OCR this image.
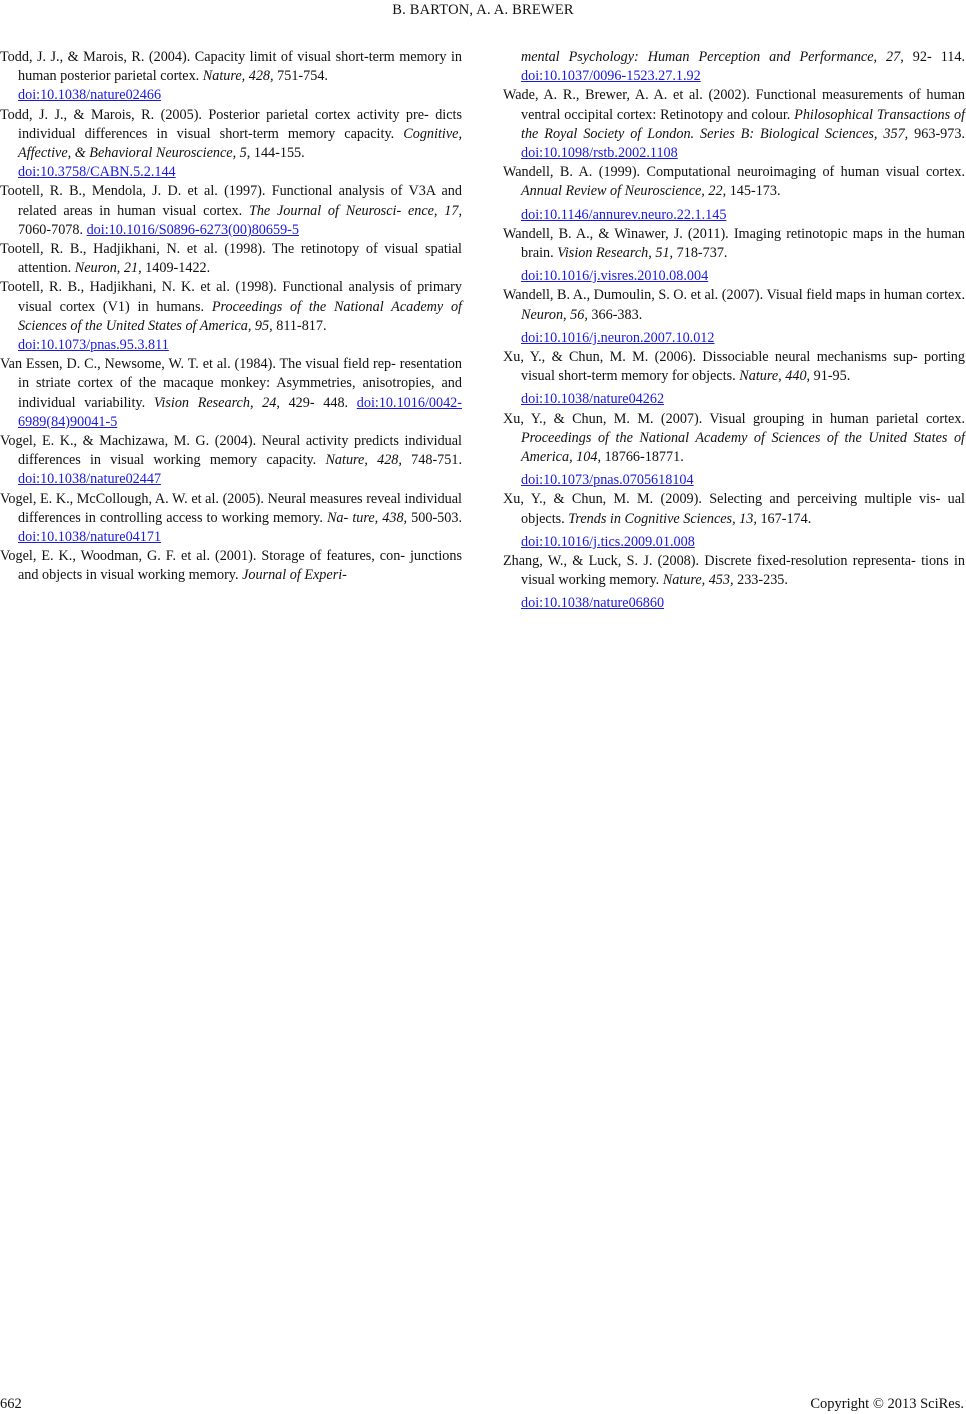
B. BARTON, A. A. BREWER

Todd, J. J., & Marois, R. (2004). Capacity limit of visual short-term memory in human posterior parietal cortex. Nature, 428, 751-754.
doi:10.1038/nature02466

Todd, J. J., & Marois, R. (2005). Posterior parietal cortex activity pre- dicts individual differences in visual short-term memory capacity. Cognitive, Affective, & Behavioral Neuroscience, 5, 144-155.
doi:10.3758/CABN.5.2.144

Tootell, R. B., Mendola, J. D. et al. (1997). Functional analysis of V3A and related areas in human visual cortex. The Journal of Neurosci- ence, 17, 7060-7078. doi:10.1016/S0896-6273(00)80659-5

Tootell, R. B., Hadjikhani, N. et al. (1998). The retinotopy of visual spatial attention. Neuron, 21, 1409-1422.

Tootell, R. B., Hadjikhani, N. K. et al. (1998). Functional analysis of primary visual cortex (V1) in humans. Proceedings of the National Academy of Sciences of the United States of America, 95, 811-817.
doi:10.1073/pnas.95.3.811

Van Essen, D. C., Newsome, W. T. et al. (1984). The visual field rep- resentation in striate cortex of the macaque monkey: Asymmetries, anisotropies, and individual variability. Vision Research, 24, 429- 448. doi:10.1016/0042-6989(84)90041-5

Vogel, E. K., & Machizawa, M. G. (2004). Neural activity predicts individual differences in visual working memory capacity. Nature, 428, 748-751. doi:10.1038/nature02447

Vogel, E. K., McCollough, A. W. et al. (2005). Neural measures reveal individual differences in controlling access to working memory. Na- ture, 438, 500-503. doi:10.1038/nature04171

Vogel, E. K., Woodman, G. F. et al. (2001). Storage of features, con- junctions and objects in visual working memory. Journal of Experi-

mental Psychology: Human Perception and Performance, 27, 92- 114. doi:10.1037/0096-1523.27.1.92

Wade, A. R., Brewer, A. A. et al. (2002). Functional measurements of human ventral occipital cortex: Retinotopy and colour. Philosophical Transactions of the Royal Society of London. Series B: Biological Sciences, 357, 963-973. doi:10.1098/rstb.2002.1108

Wandell, B. A. (1999). Computational neuroimaging of human visual cortex. Annual Review of Neuroscience, 22, 145-173.
doi:10.1146/annurev.neuro.22.1.145

Wandell, B. A., & Winawer, J. (2011). Imaging retinotopic maps in the human brain. Vision Research, 51, 718-737.
doi:10.1016/j.visres.2010.08.004

Wandell, B. A., Dumoulin, S. O. et al. (2007). Visual field maps in human cortex. Neuron, 56, 366-383.
doi:10.1016/j.neuron.2007.10.012

Xu, Y., & Chun, M. M. (2006). Dissociable neural mechanisms sup- porting visual short-term memory for objects. Nature, 440, 91-95.
doi:10.1038/nature04262

Xu, Y., & Chun, M. M. (2007). Visual grouping in human parietal cortex. Proceedings of the National Academy of Sciences of the United States of America, 104, 18766-18771.
doi:10.1073/pnas.0705618104

Xu, Y., & Chun, M. M. (2009). Selecting and perceiving multiple vis- ual objects. Trends in Cognitive Sciences, 13, 167-174.
doi:10.1016/j.tics.2009.01.008

Zhang, W., & Luck, S. J. (2008). Discrete fixed-resolution representa- tions in visual working memory. Nature, 453, 233-235.
doi:10.1038/nature06860

662	Copyright © 2013 SciRes.
